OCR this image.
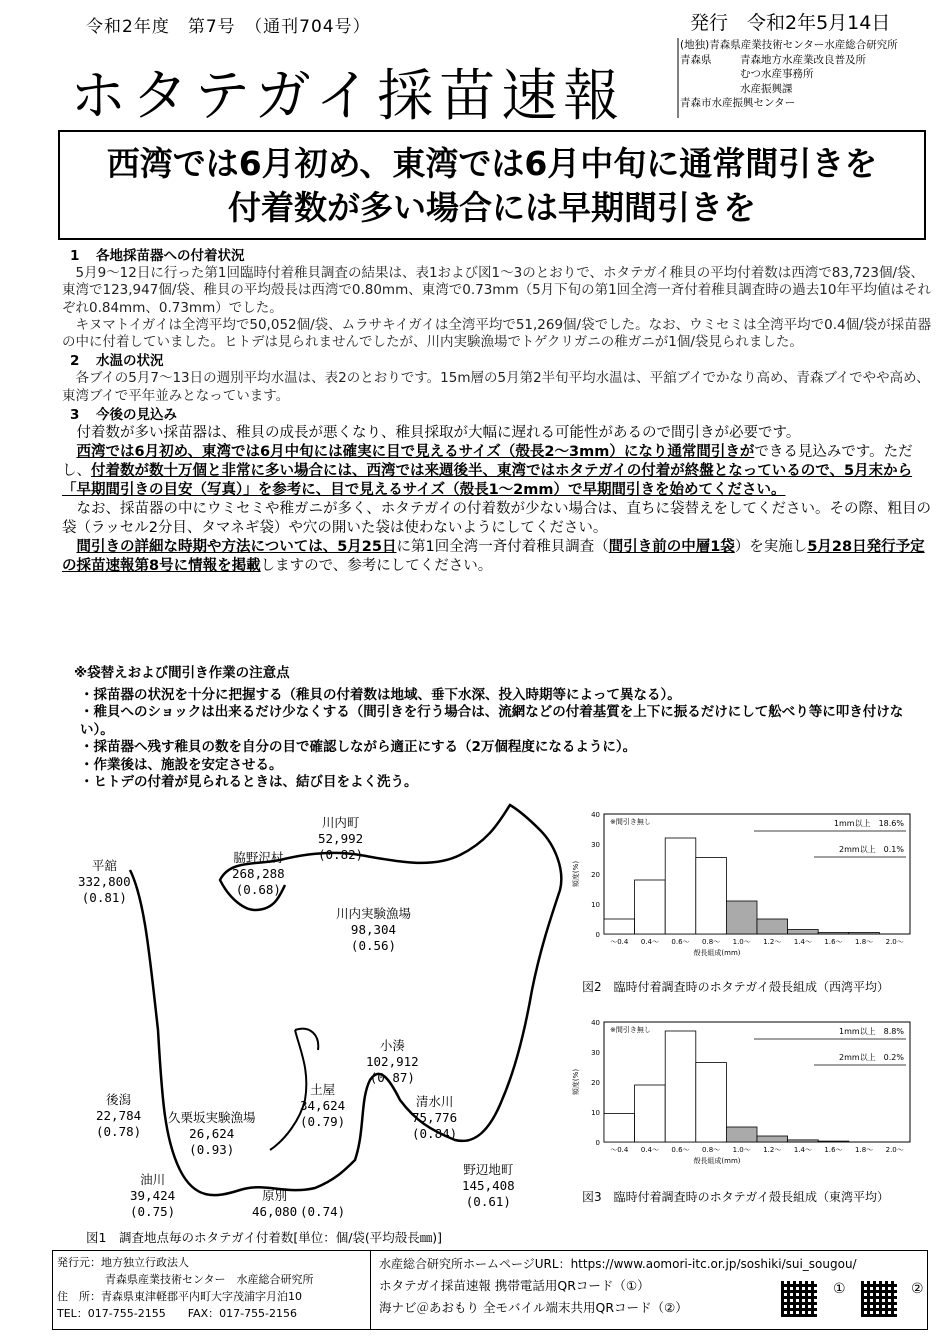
令和2年度　第7号　（通刊704号）	発行　令和2年5月14日
ホタテガイ採苗速報
(地独)青森県産業技術センター水産総合研究所
青森県	青森地方水産業改良普及所
むつ水産事務所
水産振興課
青森市水産振興センター
西湾では6月初め、東湾では6月中旬に通常間引きを
付着数が多い場合には早期間引きを
1 各地採苗器への付着状況
5月9～12日に行った第1回臨時付着稚貝調査の結果は、表1および図1～3のとおりで、ホタテガイ稚貝の平均付着数は西湾で83,723個/袋、東湾で123,947個/袋、稚貝の平均殻長は西湾で0.80mm、東湾で0.73mm（5月下旬の第1回全湾一斉付着稚貝調査時の過去10年平均値はそれぞれ0.84mm、0.73mm）でした。
キヌマトイガイは全湾平均で50,052個/袋、ムラサキイガイは全湾平均で51,269個/袋でした。なお、ウミセミは全湾平均で0.4個/袋が採苗器の中に付着していました。ヒトデは見られませんでしたが、川内実験漁場でトゲクリガニの稚ガニが1個/袋見られました。
2 水温の状況
各ブイの5月7～13日の週別平均水温は、表2のとおりです。15m層の5月第2半旬平均水温は、平舘ブイでかなり高め、青森ブイでやや高め、東湾ブイで平年並みとなっています。
3 今後の見込み
付着数が多い採苗器は、稚貝の成長が悪くなり、稚貝採取が大幅に遅れる可能性があるので間引きが必要です。
西湾では6月初め、東湾では6月中旬には確実に目で見えるサイズ（殻長2～3mm）になり通常間引きができる見込みです。ただし、付着数が数十万個と非常に多い場合には、西湾では来週後半、東湾ではホタテガイの付着が終盤となっているので、5月末から「早期間引きの目安（写真）」を参考に、目で見えるサイズ（殻長1～2mm）で早期間引きを始めてください。
なお、採苗器の中にウミセミや稚ガニが多く、ホタテガイの付着数が少ない場合は、直ちに袋替えをしてください。その際、粗目の袋（ラッセル2分目、タマネギ袋）や穴の開いた袋は使わないようにしてください。
間引きの詳細な時期や方法については、5月25日に第1回全湾一斉付着稚貝調査（間引き前の中層1袋）を実施し5月28日発行予定の採苗速報第8号に情報を掲載しますので、参考にしてください。
※袋替えおよび間引き作業の注意点
・採苗器の状況を十分に把握する（稚貝の付着数は地域、垂下水深、投入時期等によって異なる）。
・稚貝へのショックは出来るだけ少なくする（間引きを行う場合は、流網などの付着基質を上下に振るだけにして舩べり等に叩き付けない）。
・採苗器へ残す稚貝の数を自分の目で確認しながら適正にする（2万個程度になるように）。
・作業後は、施設を安定させる。
・ヒトデの付着が見られるときは、結び目をよく洗う。
平舘
332,800
(0.81)
脇野沢村
268,288
(0.68)
川内町
52,992
(0.82)
川内実験漁場
98,304
(0.56)
小湊
102,912
(0.87)
土屋
34,624
(0.79)
清水川
75,776
(0.84)
後潟
22,784
(0.78)
久栗坂実験漁場
26,624
(0.93)
油川
39,424
(0.75)
原別
46,080 (0.74)
野辺地町
145,408
(0.61)
図1　調査地点毎のホタテガイ付着数[単位：個/袋(平均殻長㎜)]
0
10
20
30
40
～0.4 0.4～ 0.6～ 0.8～ 1.0～ 1.2～ 1.4～ 1.6～ 1.8～ 2.0～
殻長組成(mm)
頻度(%)
※間引き無し	1mm以上　18.6%
2mm以上　0.1%
図2　臨時付着調査時のホタテガイ殻長組成（西湾平均）
0
10
20
30
40
～0.4 0.4～ 0.6～ 0.8～ 1.0～ 1.2～ 1.4～ 1.6～ 1.8～ 2.0～
殻長組成(mm)
頻度(%)
※間引き無し	1mm以上　8.8%
2mm以上　0.2%
図3　臨時付着調査時のホタテガイ殻長組成（東湾平均）
発行元：地方独立行政法人
青森県産業技術センター　水産総合研究所
住　所：青森県東津軽郡平内町大字茂浦字月泊10
TEL：017-755-2155　　FAX：017-755-2156
水産総合研究所ホームページURL：https://www.aomori-itc.or.jp/soshiki/sui_sougou/
ホタテガイ採苗速報 携帯電話用QRコード（①）
海ナビ＠あおもり 全モバイル端末共用QRコード（②）
①	②
